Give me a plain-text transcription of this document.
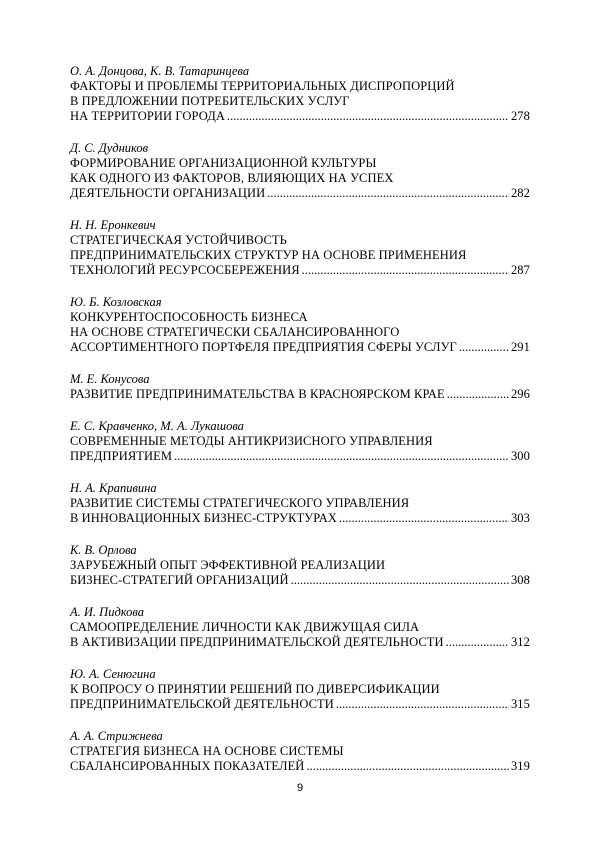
О. А. Донцова, К. В. Татаринцева
ФАКТОРЫ И ПРОБЛЕМЫ ТЕРРИТОРИАЛЬНЫХ ДИСПРОПОРЦИЙ
В ПРЕДЛОЖЕНИИ ПОТРЕБИТЕЛЬСКИХ УСЛУГ
НА ТЕРРИТОРИИ ГОРОДА .....	278
Д. С. Дудников
ФОРМИРОВАНИЕ ОРГАНИЗАЦИОННОЙ КУЛЬТУРЫ
КАК ОДНОГО ИЗ ФАКТОРОВ, ВЛИЯЮЩИХ НА УСПЕХ
ДЕЯТЕЛЬНОСТИ ОРГАНИЗАЦИИ .....	282
Н. Н. Еронкевич
СТРАТЕГИЧЕСКАЯ УСТОЙЧИВОСТЬ
ПРЕДПРИНИМАТЕЛЬСКИХ СТРУКТУР НА ОСНОВЕ ПРИМЕНЕНИЯ
ТЕХНОЛОГИЙ РЕСУРСОСБЕРЕЖЕНИЯ .....	287
Ю. Б. Козловская
КОНКУРЕНТОСПОСОБНОСТЬ БИЗНЕСА
НА ОСНОВЕ СТРАТЕГИЧЕСКИ СБАЛАНСИРОВАННОГО
АССОРТИМЕНТНОГО ПОРТФЕЛЯ ПРЕДПРИЯТИЯ СФЕРЫ УСЛУГ .....	291
М. Е. Конусова
РАЗВИТИЕ ПРЕДПРИНИМАТЕЛЬСТВА В КРАСНОЯРСКОМ КРАЕ .....	296
Е. С. Кравченко, М. А. Лукашова
СОВРЕМЕННЫЕ МЕТОДЫ АНТИКРИЗИСНОГО УПРАВЛЕНИЯ
ПРЕДПРИЯТИЕМ .....	300
Н. А. Крапивина
РАЗВИТИЕ СИСТЕМЫ СТРАТЕГИЧЕСКОГО УПРАВЛЕНИЯ
В ИННОВАЦИОННЫХ БИЗНЕС-СТРУКТУРАХ .....	303
К. В. Орлова
ЗАРУБЕЖНЫЙ ОПЫТ ЭФФЕКТИВНОЙ РЕАЛИЗАЦИИ
БИЗНЕС-СТРАТЕГИЙ ОРГАНИЗАЦИЙ .....	308
А. И. Пидкова
САМООПРЕДЕЛЕНИЕ ЛИЧНОСТИ КАК ДВИЖУЩАЯ СИЛА
В АКТИВИЗАЦИИ ПРЕДПРИНИМАТЕЛЬСКОЙ ДЕЯТЕЛЬНОСТИ .....	312
Ю. А. Сенюгина
К ВОПРОСУ О ПРИНЯТИИ РЕШЕНИЙ ПО ДИВЕРСИФИКАЦИИ
ПРЕДПРИНИМАТЕЛЬСКОЙ ДЕЯТЕЛЬНОСТИ .....	315
А. А. Стрижнева
СТРАТЕГИЯ БИЗНЕСА НА ОСНОВЕ СИСТЕМЫ
СБАЛАНСИРОВАННЫХ ПОКАЗАТЕЛЕЙ .....	319
9
